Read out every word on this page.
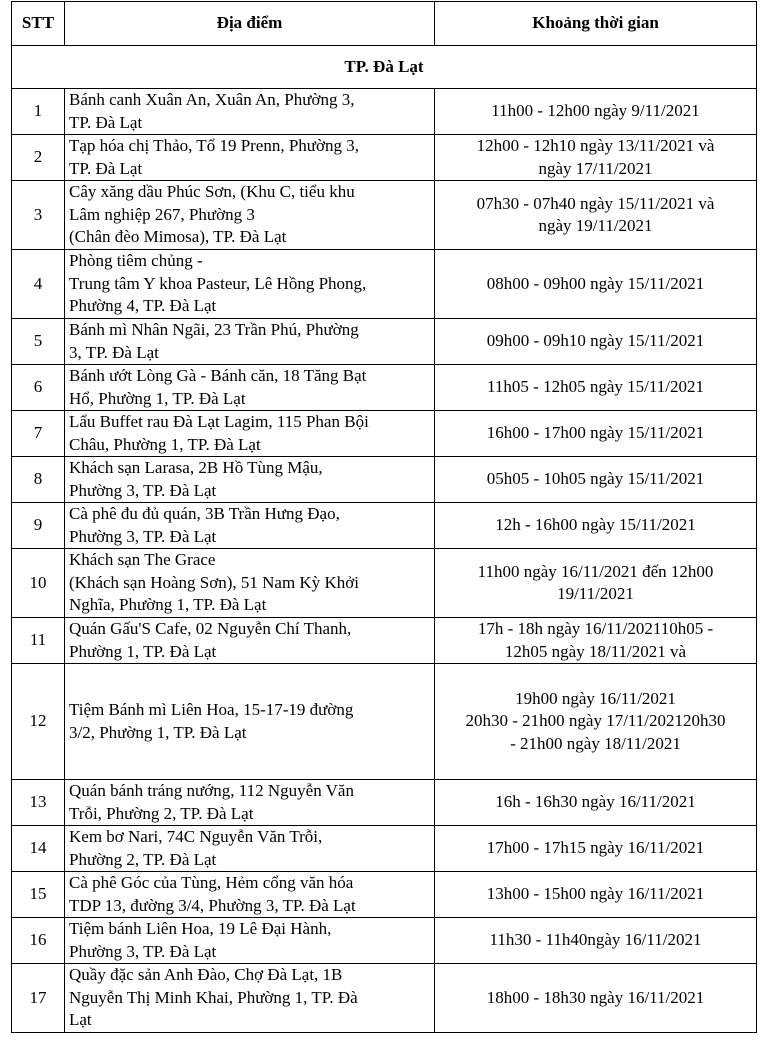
STT	Địa điểm	Khoảng thời gian
TP. Đà Lạt		

1	Bánh canh Xuân An, Xuân An, Phường 3,
TP. Đà Lạt	11h00 - 12h00 ngày 9/11/2021

2	Tạp hóa chị Thảo, Tổ 19 Prenn, Phường 3,
TP. Đà Lạt	12h00 - 12h10 ngày 13/11/2021 và
ngày 17/11/2021

3	Cây xăng dầu Phúc Sơn, (Khu C, tiểu khu
Lâm nghiệp 267, Phường 3
(Chân đèo Mimosa), TP. Đà Lạt	07h30 - 07h40 ngày 15/11/2021 và
ngày 19/11/2021

4	Phòng tiêm chủng -
Trung tâm Y khoa Pasteur, Lê Hồng Phong,
Phường 4, TP. Đà Lạt	08h00 - 09h00 ngày 15/11/2021

5	Bánh mì Nhân Ngãi, 23 Trần Phú, Phường
3, TP. Đà Lạt	09h00 - 09h10 ngày 15/11/2021

6	Bánh ướt Lòng Gà - Bánh căn, 18 Tăng Bạt
Hổ, Phường 1, TP. Đà Lạt	11h05 - 12h05 ngày 15/11/2021

7	Lẩu Buffet rau Đà Lạt Lagim, 115 Phan Bội
Châu, Phường 1, TP. Đà Lạt	16h00 - 17h00 ngày 15/11/2021

8	Khách sạn Larasa, 2B Hồ Tùng Mậu,
Phường 3, TP. Đà Lạt	05h05 - 10h05 ngày 15/11/2021

9	Cà phê đu đủ quán, 3B Trần Hưng Đạo,
Phường 3, TP. Đà Lạt	12h - 16h00 ngày 15/11/2021

10	Khách sạn The Grace
(Khách sạn Hoàng Sơn), 51 Nam Kỳ Khởi
Nghĩa, Phường 1, TP. Đà Lạt	11h00 ngày 16/11/2021 đến 12h00
19/11/2021

11	Quán Gấu'S Cafe, 02 Nguyễn Chí Thanh,
Phường 1, TP. Đà Lạt	17h - 18h ngày 16/11/202110h05 -
12h05 ngày 18/11/2021 và

12	Tiệm Bánh mì Liên Hoa, 15-17-19 đường
3/2, Phường 1, TP. Đà Lạt	19h00 ngày 16/11/2021
20h30 - 21h00 ngày 17/11/202120h30
- 21h00 ngày 18/11/2021

13	Quán bánh tráng nướng, 112 Nguyễn Văn
Trỗi, Phường 2, TP. Đà Lạt	16h - 16h30 ngày 16/11/2021

14	Kem bơ Nari, 74C Nguyễn Văn Trỗi,
Phường 2, TP. Đà Lạt	17h00 - 17h15 ngày 16/11/2021

15	Cà phê Góc của Tùng, Hẻm cổng văn hóa
TDP 13, đường 3/4, Phường 3, TP. Đà Lạt	13h00 - 15h00 ngày 16/11/2021

16	Tiệm bánh Liên Hoa, 19 Lê Đại Hành,
Phường 3, TP. Đà Lạt	11h30 - 11h40ngày 16/11/2021

17	Quầy đặc sản Anh Đào, Chợ Đà Lạt, 1B
Nguyễn Thị Minh Khai, Phường 1, TP. Đà
Lạt	18h00 - 18h30 ngày 16/11/2021
